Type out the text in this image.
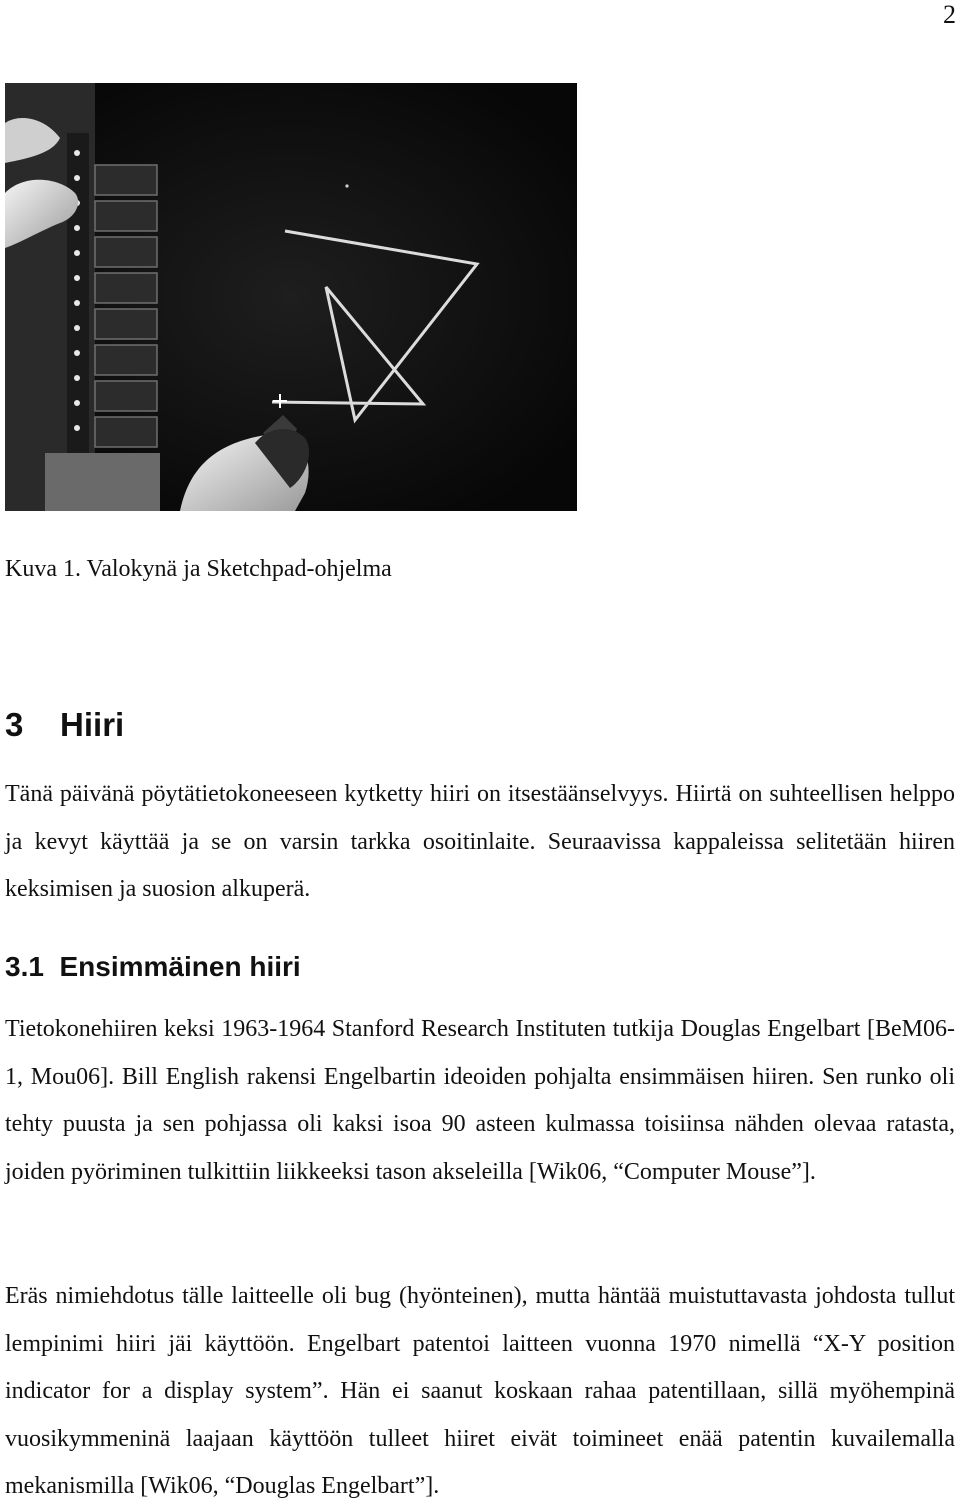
2
Kuva 1. Valokynä ja Sketchpad-ohjelma
3 Hiiri

Tänä päivänä pöytätietokoneeseen kytketty hiiri on itsestäänselvyys. Hiirtä on suhteellisen helppo ja kevyt käyttää ja se on varsin tarkka osoitinlaite. Seuraavissa kappaleissa selitetään hiiren keksimisen ja suosion alkuperä.

3.1 Ensimmäinen hiiri

Tietokonehiiren keksi 1963-1964 Stanford Research Instituten tutkija Douglas Engelbart [BeM06-1, Mou06]. Bill English rakensi Engelbartin ideoiden pohjalta ensimmäisen hiiren. Sen runko oli tehty puusta ja sen pohjassa oli kaksi isoa 90 asteen kulmassa toisiinsa nähden olevaa ratasta, joiden pyöriminen tulkittiin liikkeeksi tason akseleilla [Wik06, “Computer Mouse”].

Eräs nimiehdotus tälle laitteelle oli bug (hyönteinen), mutta häntää muistuttavasta johdosta tullut lempinimi hiiri jäi käyttöön. Engelbart patentoi laitteen vuonna 1970 nimellä “X-Y position indicator for a display system”. Hän ei saanut koskaan rahaa patentillaan, sillä myöhempinä vuosikymmeninä laajaan käyttöön tulleet hiiret eivät toimineet enää patentin kuvailemalla mekanismilla [Wik06, “Douglas Engelbart”].
